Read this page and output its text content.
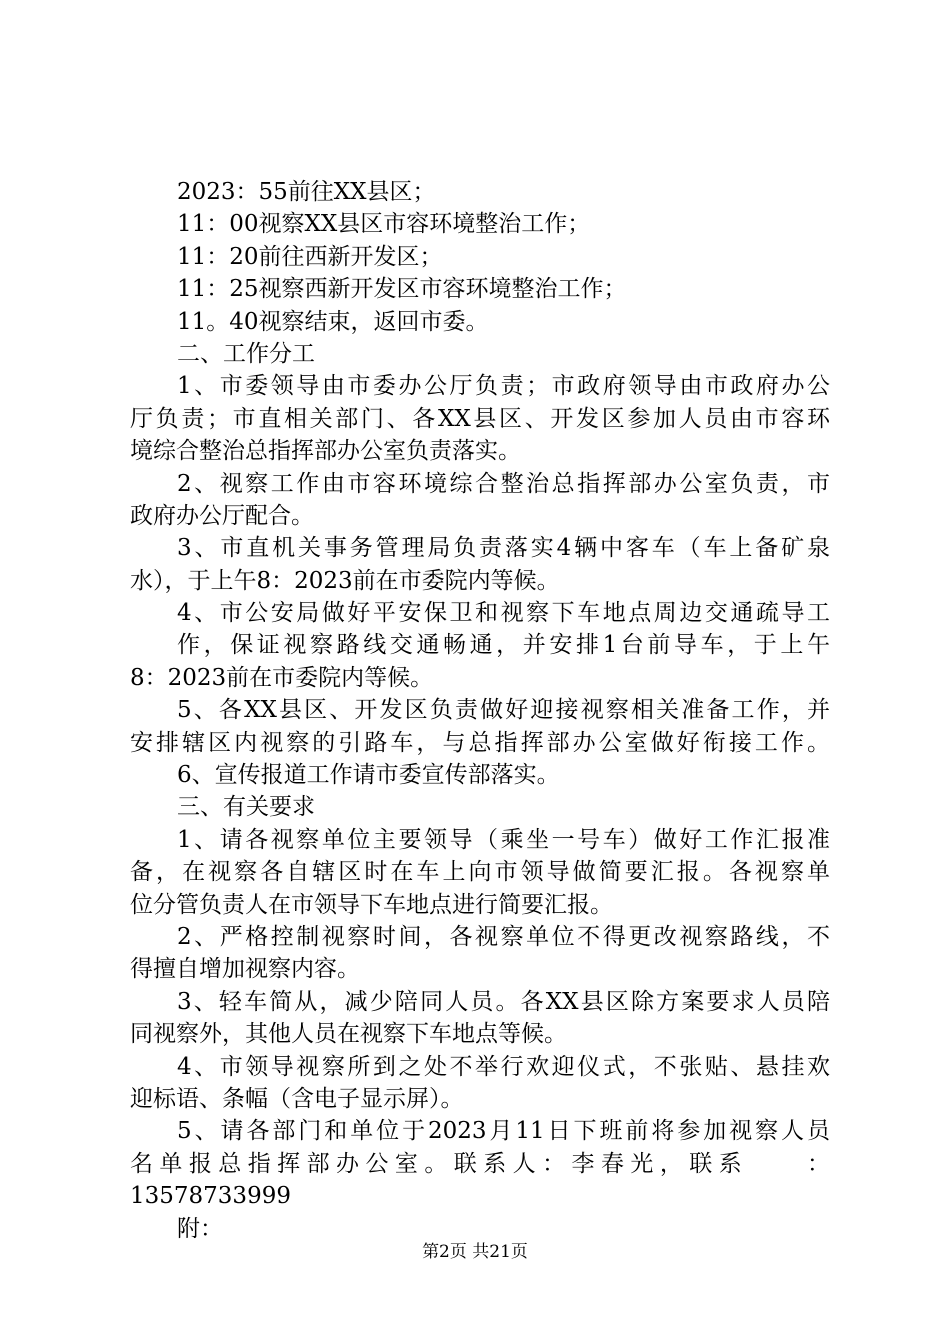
2023：55前往XX县区；
11：00视察XX县区市容环境整治工作；
11：20前往西新开发区；
11：25视察西新开发区市容环境整治工作；
11。40视察结束，返回市委。
二、工作分工
1、市委领导由市委办公厅负责；市政府领导由市政府办公
厅负责；市直相关部门、各XX县区、开发区参加人员由市容环
境综合整治总指挥部办公室负责落实。
2、视察工作由市容环境综合整治总指挥部办公室负责，市
政府办公厅配合。
3、市直机关事务管理局负责落实4辆中客车（车上备矿泉
水），于上午8：2023前在市委院内等候。
4、市公安局做好平安保卫和视察下车地点周边交通疏导工
作，保证视察路线交通畅通，并安排1台前导车，于上午
8：2023前在市委院内等候。
5、各XX县区、开发区负责做好迎接视察相关准备工作，并
安排辖区内视察的引路车，与总指挥部办公室做好衔接工作。
6、宣传报道工作请市委宣传部落实。
三、有关要求
1、请各视察单位主要领导（乘坐一号车）做好工作汇报准
备，在视察各自辖区时在车上向市领导做简要汇报。各视察单
位分管负责人在市领导下车地点进行简要汇报。
2、严格控制视察时间，各视察单位不得更改视察路线，不
得擅自增加视察内容。
3、轻车简从，减少陪同人员。各XX县区除方案要求人员陪
同视察外，其他人员在视察下车地点等候。
4、市领导视察所到之处不举行欢迎仪式，不张贴、悬挂欢
迎标语、条幅（含电子显示屏）。
5、请各部门和单位于2023月11日下班前将参加视察人员
名单报总指挥部办公室。联系人：李春光，联系　　：
13578733999
附：
第2页 共21页
